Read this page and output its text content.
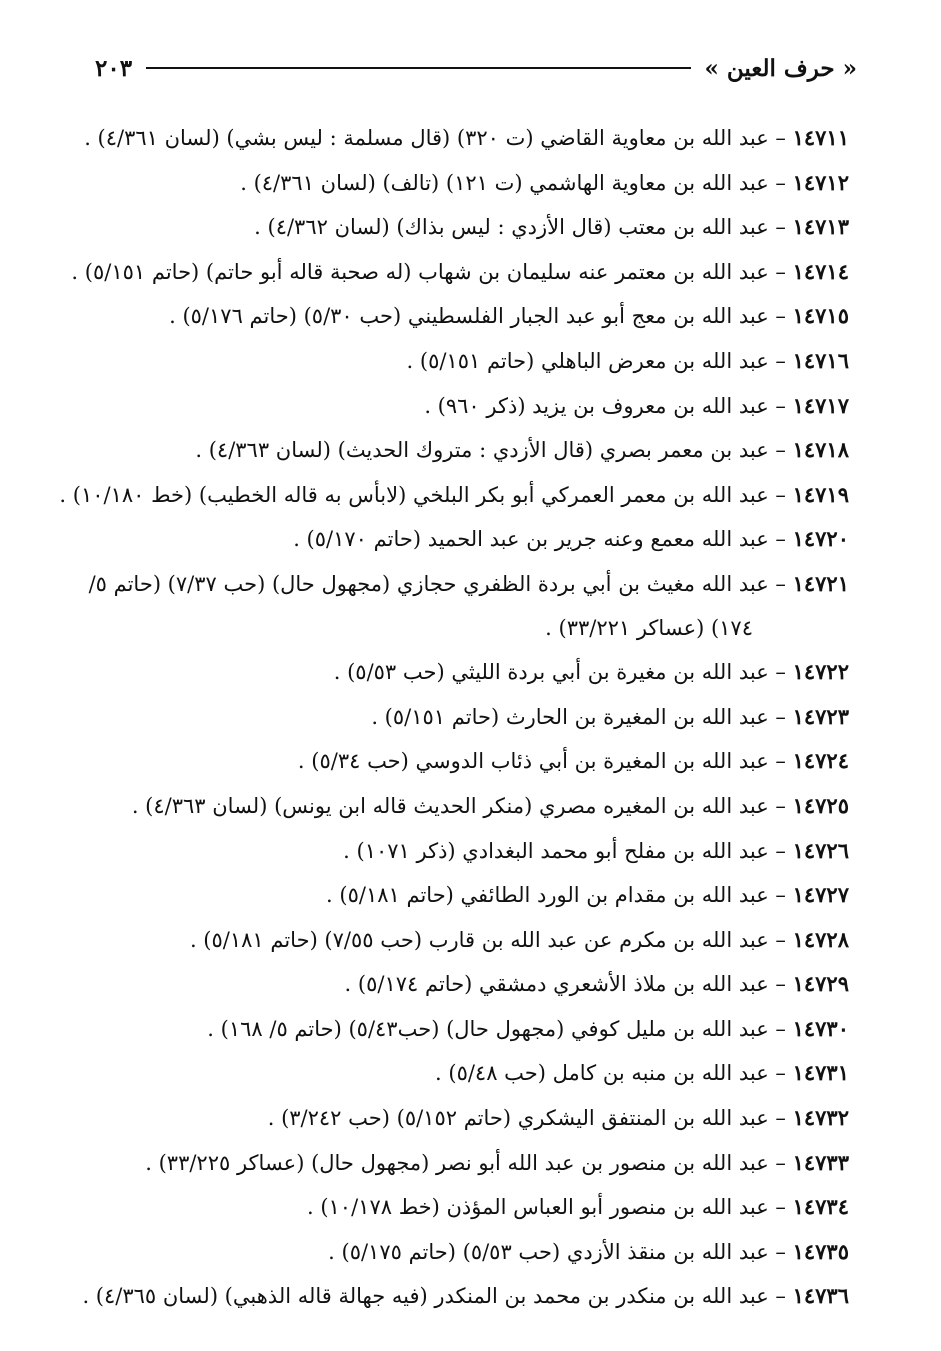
« حرف العين »
٢٠٣
١٤٧١١ – عبد الله بن معاوية القاضي (ت ٣٢٠) (قال مسلمة : ليس بشي) (لسان ٤/٣٦١) .
١٤٧١٢ – عبد الله بن معاوية الهاشمي (ت ١٢١) (تالف) (لسان ٤/٣٦١) .
١٤٧١٣ – عبد الله بن معتب (قال الأزدي : ليس بذاك) (لسان ٤/٣٦٢) .
١٤٧١٤ – عبد الله بن معتمر عنه سليمان بن شهاب (له صحبة قاله أبو حاتم) (حاتم ٥/١٥١) .
١٤٧١٥ – عبد الله بن معج أبو عبد الجبار الفلسطيني (حب ٥/٣٠) (حاتم ٥/١٧٦) .
١٤٧١٦ – عبد الله بن معرض الباهلي (حاتم ٥/١٥١) .
١٤٧١٧ – عبد الله بن معروف بن يزيد (ذكر ٩٦٠) .
١٤٧١٨ – عبد بن معمر بصري (قال الأزدي : متروك الحديث) (لسان ٤/٣٦٣) .
١٤٧١٩ – عبد الله بن معمر العمركي أبو بكر البلخي (لابأس به قاله الخطيب) (خط ١٠/١٨٠) .
١٤٧٢٠ – عبد الله معمع وعنه جرير بن عبد الحميد (حاتم ٥/١٧٠) .
١٤٧٢١ – عبد الله مغيث بن أبي بردة الظفري حجازي (مجهول حال) (حب ٧/٣٧) (حاتم ٥/
١٧٤) (عساكر ٣٣/٢٢١) .
١٤٧٢٢ – عبد الله بن مغيرة بن أبي بردة الليثي (حب ٥/٥٣) .
١٤٧٢٣ – عبد الله بن المغيرة بن الحارث (حاتم ٥/١٥١) .
١٤٧٢٤ – عبد الله بن المغيرة بن أبي ذئاب الدوسي (حب ٥/٣٤) .
١٤٧٢٥ – عبد الله بن المغيره مصري (منكر الحديث قاله ابن يونس) (لسان ٤/٣٦٣) .
١٤٧٢٦ – عبد الله بن مفلح أبو محمد البغدادي (ذكر ١٠٧١) .
١٤٧٢٧ – عبد الله بن مقدام بن الورد الطائفي (حاتم ٥/١٨١) .
١٤٧٢٨ – عبد الله بن مكرم عن عبد الله بن قارب (حب ٧/٥٥) (حاتم ٥/١٨١) .
١٤٧٢٩ – عبد الله بن ملاذ الأشعري دمشقي (حاتم ٥/١٧٤) .
١٤٧٣٠ – عبد الله بن مليل كوفي (مجهول حال) (حب٥/٤٣) (حاتم ٥/ ١٦٨) .
١٤٧٣١ – عبد الله بن منبه بن كامل (حب ٥/٤٨) .
١٤٧٣٢ – عبد الله بن المنتفق اليشكري (حاتم ٥/١٥٢) (حب ٣/٢٤٢) .
١٤٧٣٣ – عبد الله بن منصور بن عبد الله أبو نصر (مجهول حال) (عساكر ٣٣/٢٢٥) .
١٤٧٣٤ – عبد الله بن منصور أبو العباس المؤذن (خط ١٠/١٧٨) .
١٤٧٣٥ – عبد الله بن منقذ الأزدي (حب ٥/٥٣) (حاتم ٥/١٧٥) .
١٤٧٣٦ – عبد الله بن منكدر بن محمد بن المنكدر (فيه جهالة قاله الذهبي) (لسان ٤/٣٦٥) .
